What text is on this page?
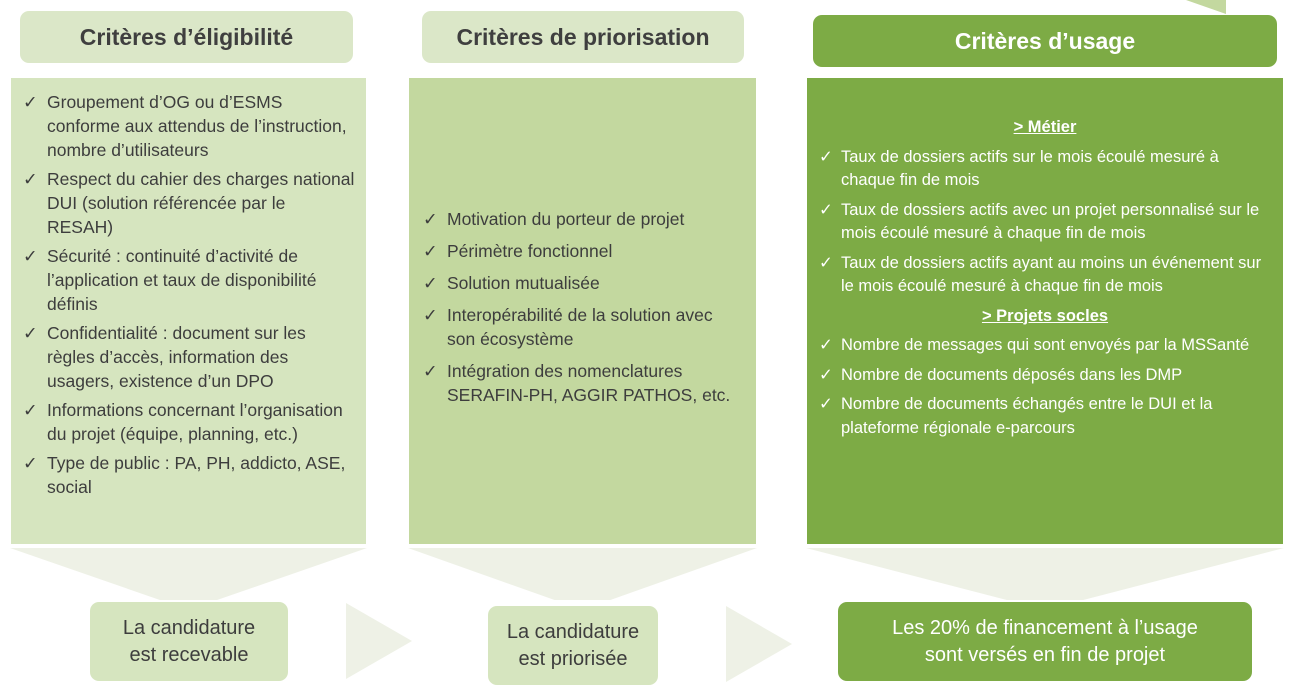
Critères d’éligibilité	Critères de priorisation	Critères d’usage
✓ Groupement d’OG ou d’ESMS conforme aux attendus de l’instruction, nombre d’utilisateurs
✓ Respect du cahier des charges national DUI (solution référencée par le RESAH)
✓ Sécurité : continuité d’activité de l’application et taux de disponibilité définis
✓ Confidentialité : document sur les règles d’accès, information des usagers, existence d’un DPO
✓ Informations concernant l’organisation du projet (équipe, planning, etc.)
✓ Type de public : PA, PH, addicto, ASE, social
✓ Motivation du porteur de projet
✓ Périmètre fonctionnel
✓ Solution mutualisée
✓ Interopérabilité de la solution avec son écosystème
✓ Intégration des nomenclatures SERAFIN-PH, AGGIR PATHOS, etc.
> Métier
✓ Taux de dossiers actifs sur le mois écoulé mesuré à chaque fin de mois
✓ Taux de dossiers actifs avec un projet personnalisé sur le mois écoulé mesuré à chaque fin de mois
✓ Taux de dossiers actifs ayant au moins un événement sur le mois écoulé mesuré à chaque fin de mois
> Projets socles
✓ Nombre de messages qui sont envoyés par la MSSanté
✓ Nombre de documents déposés dans les DMP
✓ Nombre de documents échangés entre le DUI et la plateforme régionale e-parcours
La candidature
est recevable
La candidature
est priorisée
Les 20% de financement à l’usage
sont versés en fin de projet
